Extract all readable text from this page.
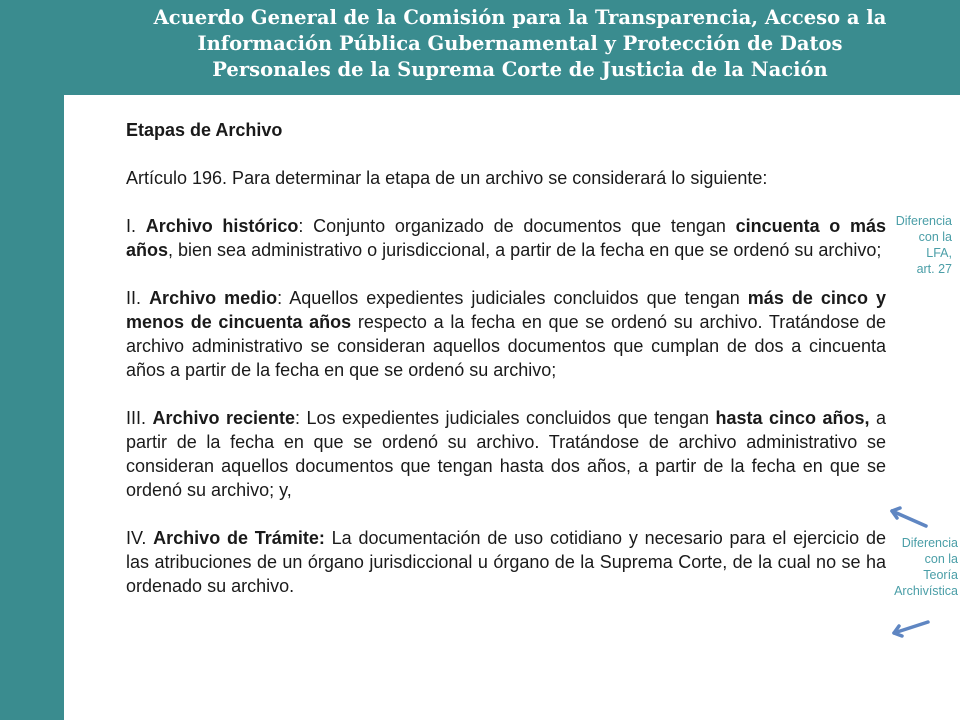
Acuerdo General de la Comisión para la Transparencia, Acceso a la
Información Pública Gubernamental y Protección de Datos
Personales de la Suprema Corte de Justicia de la Nación

Etapas de Archivo

Artículo 196. Para determinar la etapa de un archivo se considerará lo siguiente:

I. Archivo histórico: Conjunto organizado de documentos que tengan cincuenta o más años, bien sea administrativo o jurisdiccional, a partir de la fecha en que se ordenó su archivo;

II. Archivo medio: Aquellos expedientes judiciales concluidos que tengan más de cinco y menos de cincuenta años respecto a la fecha en que se ordenó su archivo. Tratándose de archivo administrativo se consideran aquellos documentos que cumplan de dos a cincuenta años a partir de la fecha en que se ordenó su archivo;

III. Archivo reciente: Los expedientes judiciales concluidos que tengan hasta cinco años, a partir de la fecha en que se ordenó su archivo. Tratándose de archivo administrativo se consideran aquellos documentos que tengan hasta dos años, a partir de la fecha en que se ordenó su archivo; y,

IV. Archivo de Trámite: La documentación de uso cotidiano y necesario para el ejercicio de las atribuciones de un órgano jurisdiccional u órgano de la Suprema Corte, de la cual no se ha ordenado su archivo.

Diferencia
con la
LFA,
art. 27
Diferencia
con la
Teoría
Archivística
